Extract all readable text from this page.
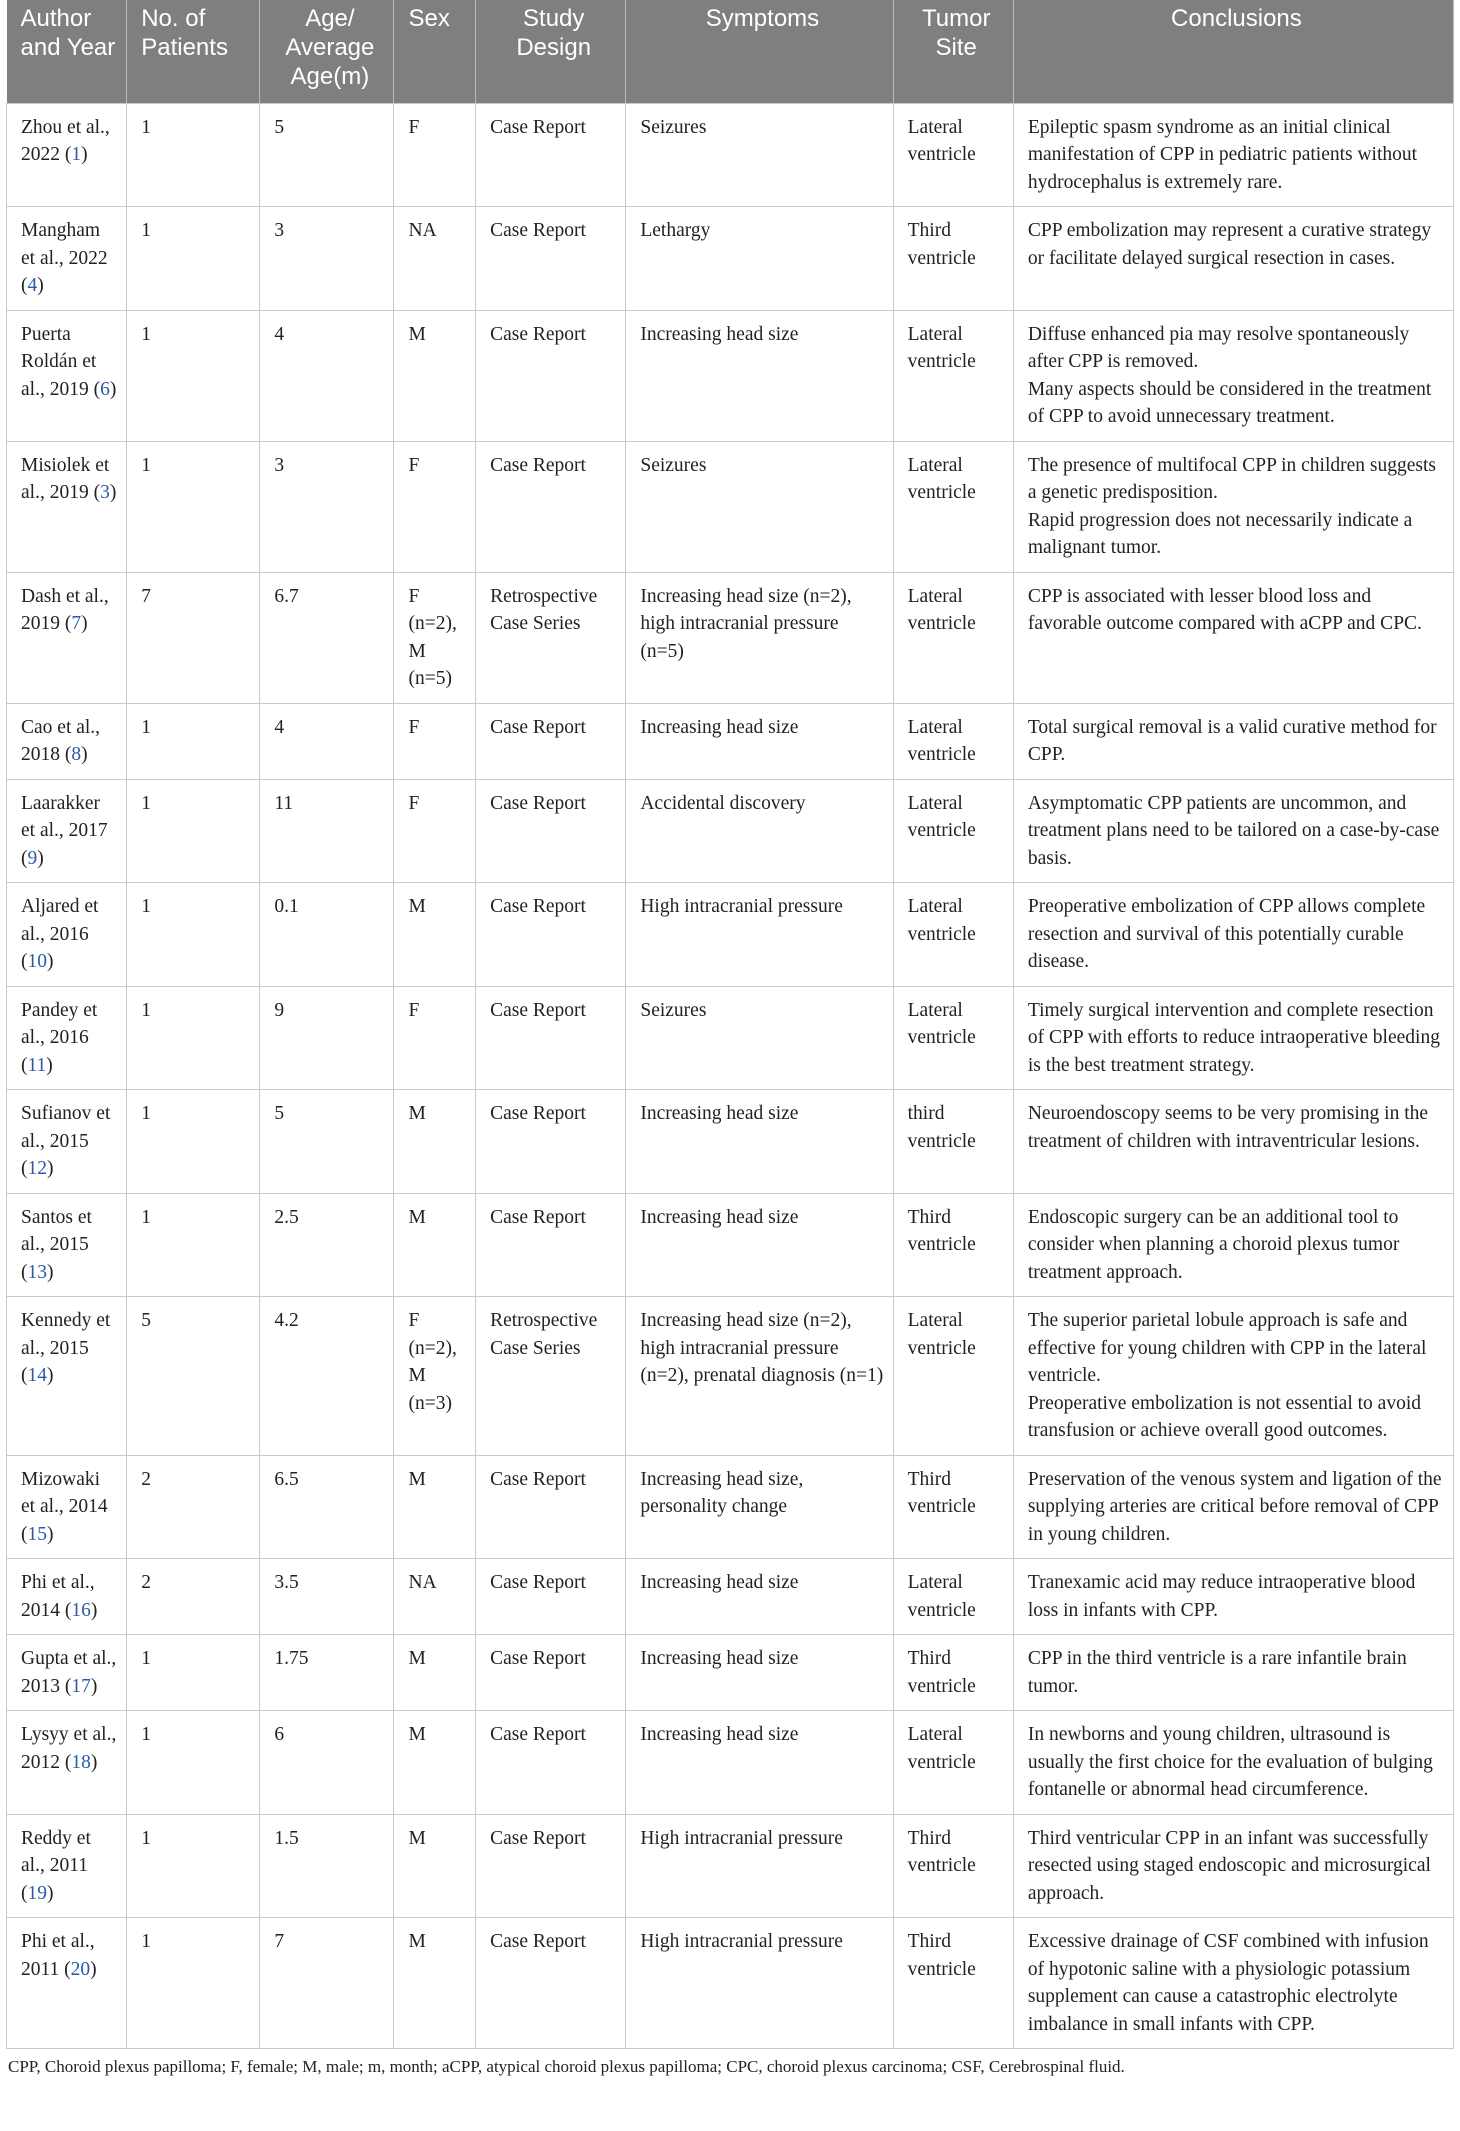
Author and Year	No. of Patients	Age/ Average Age(m)	Sex	Study Design	Symptoms	Tumor Site	Conclusions
Zhou et al., 2022 (1)	1	5	F	Case Report	Seizures	Lateral ventricle	Epileptic spasm syndrome as an initial clinical manifestation of CPP in pediatric patients without hydrocephalus is extremely rare.

Mangham et al., 2022 (4)	1	3	NA	Case Report	Lethargy	Third ventricle	CPP embolization may represent a curative strategy or facilitate delayed surgical resection in cases.

Puerta Roldán et al., 2019 (6)	1	4	M	Case Report	Increasing head size	Lateral ventricle	Diffuse enhanced pia may resolve spontaneously after CPP is removed.
Many aspects should be considered in the treatment of CPP to avoid unnecessary treatment.

Misiolek et al., 2019 (3)	1	3	F	Case Report	Seizures	Lateral ventricle	The presence of multifocal CPP in children suggests a genetic predisposition.
Rapid progression does not necessarily indicate a malignant tumor.

Dash et al., 2019 (7)	7	6.7	F (n=2), M (n=5)	Retrospective Case Series	Increasing head size (n=2), high intracranial pressure (n=5)	Lateral ventricle	CPP is associated with lesser blood loss and favorable outcome compared with aCPP and CPC.

Cao et al., 2018 (8)	1	4	F	Case Report	Increasing head size	Lateral ventricle	Total surgical removal is a valid curative method for CPP.

Laarakker et al., 2017 (9)	1	11	F	Case Report	Accidental discovery	Lateral ventricle	Asymptomatic CPP patients are uncommon, and treatment plans need to be tailored on a case-by-case basis.

Aljared et al., 2016 (10)	1	0.1	M	Case Report	High intracranial pressure	Lateral ventricle	Preoperative embolization of CPP allows complete resection and survival of this potentially curable disease.

Pandey et al., 2016 (11)	1	9	F	Case Report	Seizures	Lateral ventricle	Timely surgical intervention and complete resection of CPP with efforts to reduce intraoperative bleeding is the best treatment strategy.

Sufianov et al., 2015 (12)	1	5	M	Case Report	Increasing head size	third ventricle	Neuroendoscopy seems to be very promising in the treatment of children with intraventricular lesions.

Santos et al., 2015 (13)	1	2.5	M	Case Report	Increasing head size	Third ventricle	Endoscopic surgery can be an additional tool to consider when planning a choroid plexus tumor treatment approach.

Kennedy et al., 2015 (14)	5	4.2	F (n=2), M (n=3)	Retrospective Case Series	Increasing head size (n=2), high intracranial pressure (n=2), prenatal diagnosis (n=1)	Lateral ventricle	The superior parietal lobule approach is safe and effective for young children with CPP in the lateral ventricle.
Preoperative embolization is not essential to avoid transfusion or achieve overall good outcomes.

Mizowaki et al., 2014 (15)	2	6.5	M	Case Report	Increasing head size, personality change	Third ventricle	Preservation of the venous system and ligation of the supplying arteries are critical before removal of CPP in young children.

Phi et al., 2014 (16)	2	3.5	NA	Case Report	Increasing head size	Lateral ventricle	Tranexamic acid may reduce intraoperative blood loss in infants with CPP.

Gupta et al., 2013 (17)	1	1.75	M	Case Report	Increasing head size	Third ventricle	CPP in the third ventricle is a rare infantile brain tumor.

Lysyy et al., 2012 (18)	1	6	M	Case Report	Increasing head size	Lateral ventricle	In newborns and young children, ultrasound is usually the first choice for the evaluation of bulging fontanelle or abnormal head circumference.

Reddy et al., 2011 (19)	1	1.5	M	Case Report	High intracranial pressure	Third ventricle	Third ventricular CPP in an infant was successfully resected using staged endoscopic and microsurgical approach.

Phi et al., 2011 (20)	1	7	M	Case Report	High intracranial pressure	Third ventricle	Excessive drainage of CSF combined with infusion of hypotonic saline with a physiologic potassium supplement can cause a catastrophic electrolyte imbalance in small infants with CPP.
CPP, Choroid plexus papilloma; F, female; M, male; m, month; aCPP, atypical choroid plexus papilloma; CPC, choroid plexus carcinoma; CSF, Cerebrospinal fluid.
